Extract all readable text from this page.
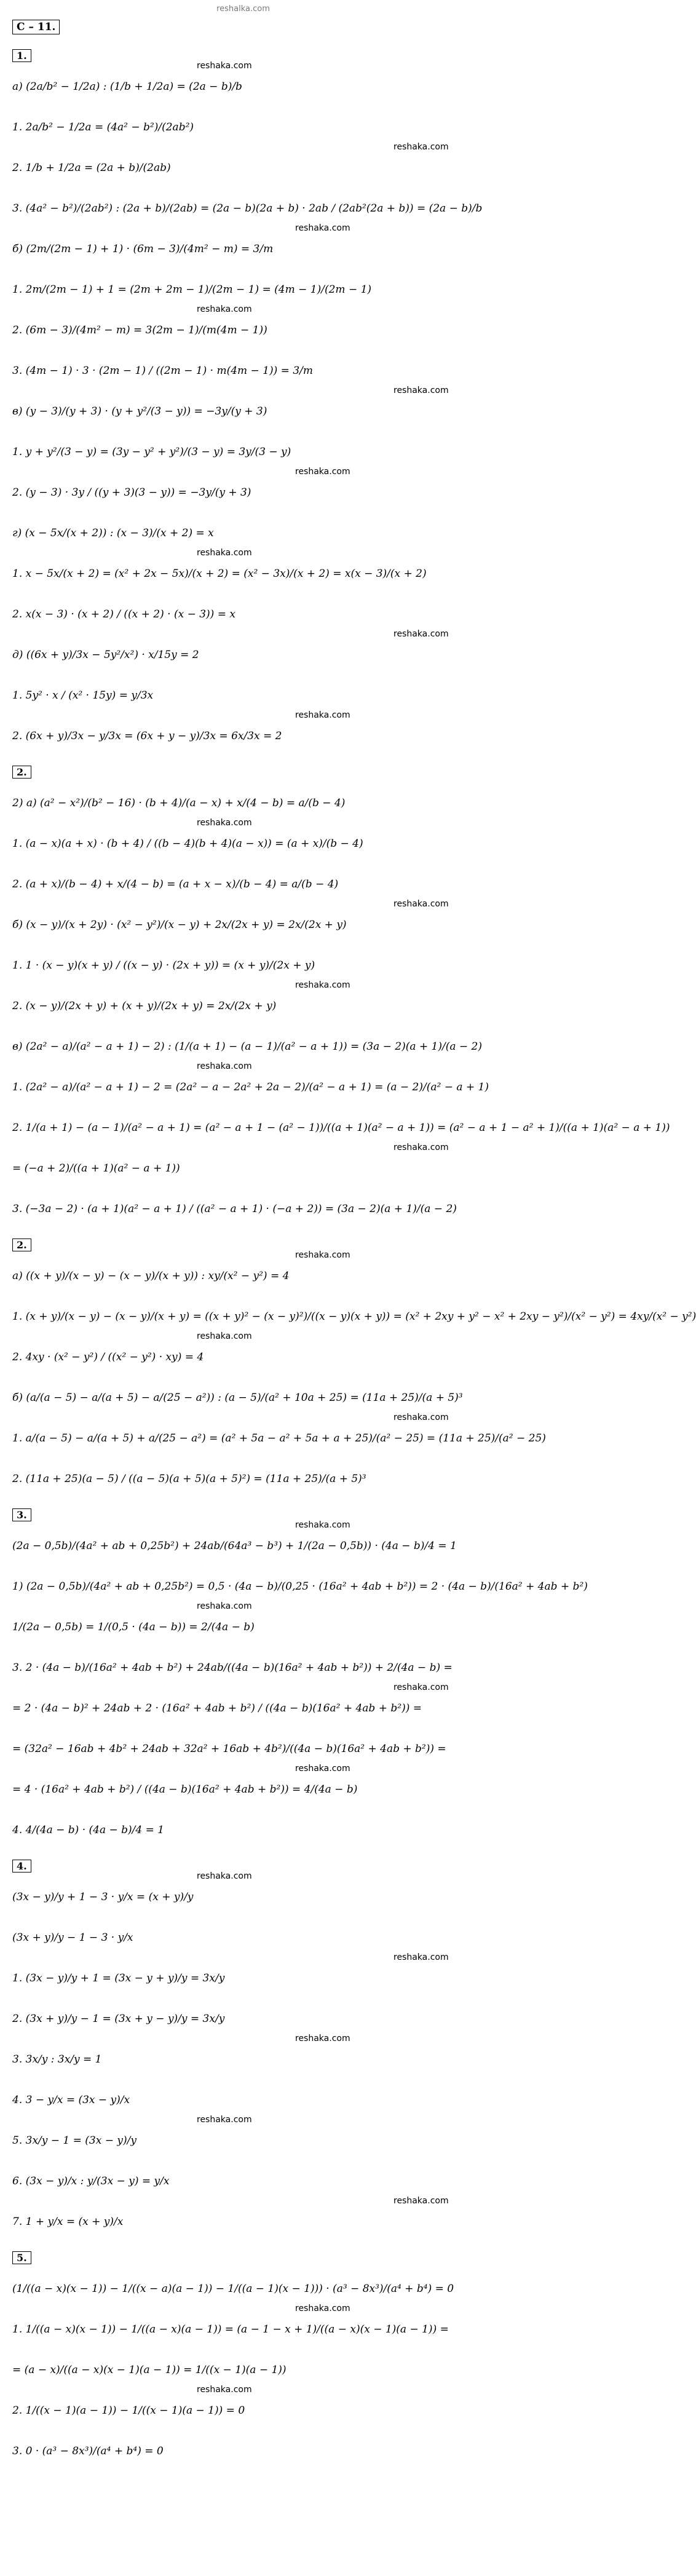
reshalka.com
С – 11.
1.
а) (2a/b² − 1/2a) : (1/b + 1/2a) = (2a − b)/b
reshaka.com
1. 2a/b² − 1/2a = (4a² − b²)/(2ab²)
2. 1/b + 1/2a = (2a + b)/(2ab)
reshaka.com
3. (4a² − b²)/(2ab²) : (2a + b)/(2ab) = (2a − b)(2a + b) · 2ab / (2ab²(2a + b)) = (2a − b)/b
б) (2m/(2m − 1) + 1) · (6m − 3)/(4m² − m) = 3/m
reshaka.com
1. 2m/(2m − 1) + 1 = (2m + 2m − 1)/(2m − 1) = (4m − 1)/(2m − 1)
2. (6m − 3)/(4m² − m) = 3(2m − 1)/(m(4m − 1))
reshaka.com
3. (4m − 1) · 3 · (2m − 1) / ((2m − 1) · m(4m − 1)) = 3/m
в) (y − 3)/(y + 3) · (y + y²/(3 − y)) = −3y/(y + 3)
reshaka.com
1. y + y²/(3 − y) = (3y − y² + y²)/(3 − y) = 3y/(3 − y)
2. (y − 3) · 3y / ((y + 3)(3 − y)) = −3y/(y + 3)
reshaka.com
г) (x − 5x/(x + 2)) : (x − 3)/(x + 2) = x
1. x − 5x/(x + 2) = (x² + 2x − 5x)/(x + 2) = (x² − 3x)/(x + 2) = x(x − 3)/(x + 2)
reshaka.com
2. x(x − 3) · (x + 2) / ((x + 2) · (x − 3)) = x
д) ((6x + y)/3x − 5y²/x²) · x/15y = 2
reshaka.com
1. 5y² · x / (x² · 15y) = y/3x
2. (6x + y)/3x − y/3x = (6x + y − y)/3x = 6x/3x = 2
reshaka.com
2.
2) а) (a² − x²)/(b² − 16) · (b + 4)/(a − x) + x/(4 − b) = a/(b − 4)
1. (a − x)(a + x) · (b + 4) / ((b − 4)(b + 4)(a − x)) = (a + x)/(b − 4)
reshaka.com
2. (a + x)/(b − 4) + x/(4 − b) = (a + x − x)/(b − 4) = a/(b − 4)
б) (x − y)/(x + 2y) · (x² − y²)/(x − y) + 2x/(2x + y) = 2x/(2x + y)
reshaka.com
1. 1 · (x − y)(x + y) / ((x − y) · (2x + y)) = (x + y)/(2x + y)
2. (x − y)/(2x + y) + (x + y)/(2x + y) = 2x/(2x + y)
reshaka.com
в) (2a² − a)/(a² − a + 1) − 2) : (1/(a + 1) − (a − 1)/(a² − a + 1)) = (3a − 2)(a + 1)/(a − 2)
1. (2a² − a)/(a² − a + 1) − 2 = (2a² − a − 2a² + 2a − 2)/(a² − a + 1) = (a − 2)/(a² − a + 1)
reshaka.com
2. 1/(a + 1) − (a − 1)/(a² − a + 1) = (a² − a + 1 − (a² − 1))/((a + 1)(a² − a + 1)) = (a² − a + 1 − a² + 1)/((a + 1)(a² − a + 1))
= (−a + 2)/((a + 1)(a² − a + 1))
reshaka.com
3. (−3a − 2) · (a + 1)(a² − a + 1) / ((a² − a + 1) · (−a + 2)) = (3a − 2)(a + 1)/(a − 2)
2.
а) ((x + y)/(x − y) − (x − y)/(x + y)) : xy/(x² − y²) = 4
reshaka.com
1. (x + y)/(x − y) − (x − y)/(x + y) = ((x + y)² − (x − y)²)/((x − y)(x + y)) = (x² + 2xy + y² − x² + 2xy − y²)/(x² − y²) = 4xy/(x² − y²)
2. 4xy · (x² − y²) / ((x² − y²) · xy) = 4
reshaka.com
б) (a/(a − 5) − a/(a + 5) − a/(25 − a²)) : (a − 5)/(a² + 10a + 25) = (11a + 25)/(a + 5)³
1. a/(a − 5) − a/(a + 5) + a/(25 − a²) = (a² + 5a − a² + 5a + a + 25)/(a² − 25) = (11a + 25)/(a² − 25)
reshaka.com
2. (11a + 25)(a − 5) / ((a − 5)(a + 5)(a + 5)²) = (11a + 25)/(a + 5)³
3.
(2a − 0,5b)/(4a² + ab + 0,25b²) + 24ab/(64a³ − b³) + 1/(2a − 0,5b)) · (4a − b)/4 = 1
reshaka.com
1) (2a − 0,5b)/(4a² + ab + 0,25b²) = 0,5 · (4a − b)/(0,25 · (16a² + 4ab + b²)) = 2 · (4a − b)/(16a² + 4ab + b²)
1/(2a − 0,5b) = 1/(0,5 · (4a − b)) = 2/(4a − b)
reshaka.com
3. 2 · (4a − b)/(16a² + 4ab + b²) + 24ab/((4a − b)(16a² + 4ab + b²)) + 2/(4a − b) =
= 2 · (4a − b)² + 24ab + 2 · (16a² + 4ab + b²) / ((4a − b)(16a² + 4ab + b²)) =
reshaka.com
= (32a² − 16ab + 4b² + 24ab + 32a² + 16ab + 4b²)/((4a − b)(16a² + 4ab + b²)) =
= 4 · (16a² + 4ab + b²) / ((4a − b)(16a² + 4ab + b²)) = 4/(4a − b)
reshaka.com
4. 4/(4a − b) · (4a − b)/4 = 1
4.
(3x − y)/y + 1 − 3 · y/x = (x + y)/y
reshaka.com
(3x + y)/y − 1 − 3 · y/x
1. (3x − y)/y + 1 = (3x − y + y)/y = 3x/y
reshaka.com
2. (3x + y)/y − 1 = (3x + y − y)/y = 3x/y
3. 3x/y : 3x/y = 1
reshaka.com
4. 3 − y/x = (3x − y)/x
5. 3x/y − 1 = (3x − y)/y
reshaka.com
6. (3x − y)/x : y/(3x − y) = y/x
7. 1 + y/x = (x + y)/x
reshaka.com
5.
(1/((a − x)(x − 1)) − 1/((x − a)(a − 1)) − 1/((a − 1)(x − 1))) · (a³ − 8x³)/(a⁴ + b⁴) = 0
1. 1/((a − x)(x − 1)) − 1/((a − x)(a − 1)) = (a − 1 − x + 1)/((a − x)(x − 1)(a − 1)) =
reshaka.com
= (a − x)/((a − x)(x − 1)(a − 1)) = 1/((x − 1)(a − 1))
2. 1/((x − 1)(a − 1)) − 1/((x − 1)(a − 1)) = 0
reshaka.com
3. 0 · (a³ − 8x³)/(a⁴ + b⁴) = 0
